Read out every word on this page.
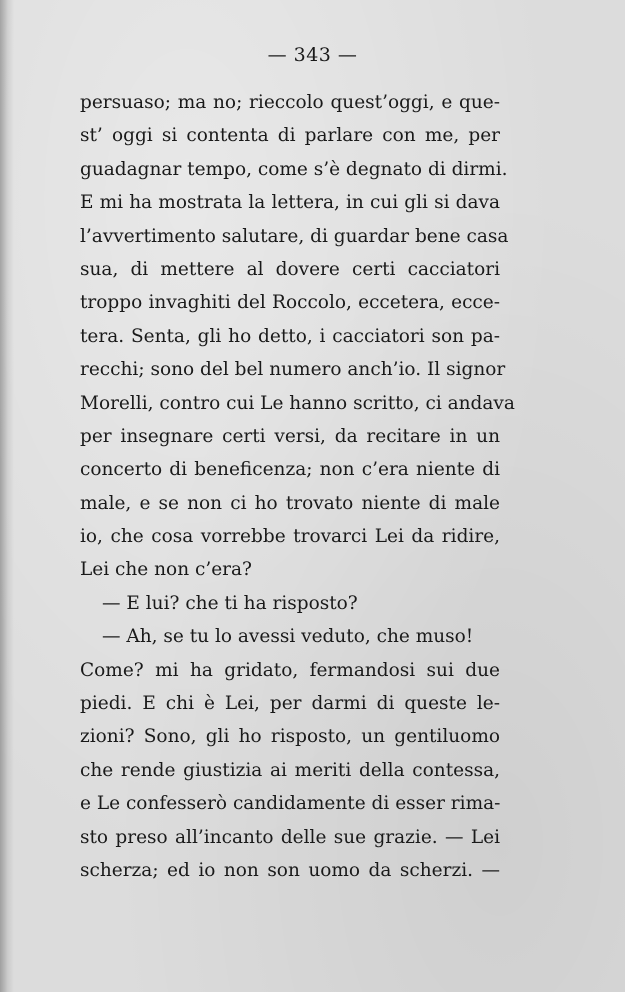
— 343 —
persuaso; ma no; rieccolo quest’oggi, e que-
st’ oggi si contenta di parlare con me, per
guadagnar tempo, come s’è degnato di dirmi.
E mi ha mostrata la lettera, in cui gli si dava
l’avvertimento salutare, di guardar bene casa
sua, di mettere al dovere certi cacciatori
troppo invaghiti del Roccolo, eccetera, ecce-
tera. Senta, gli ho detto, i cacciatori son pa-
recchi; sono del bel numero anch’io. Il signor
Morelli, contro cui Le hanno scritto, ci andava
per insegnare certi versi, da recitare in un
concerto di beneficenza; non c’era niente di
male, e se non ci ho trovato niente di male
io, che cosa vorrebbe trovarci Lei da ridire,
Lei che non c’era?
— E lui? che ti ha risposto?
— Ah, se tu lo avessi veduto, che muso!
Come? mi ha gridato, fermandosi sui due
piedi. E chi è Lei, per darmi di queste le-
zioni? Sono, gli ho risposto, un gentiluomo
che rende giustizia ai meriti della contessa,
e Le confesserò candidamente di esser rima-
sto preso all’incanto delle sue grazie. — Lei
scherza; ed io non son uomo da scherzi. —
